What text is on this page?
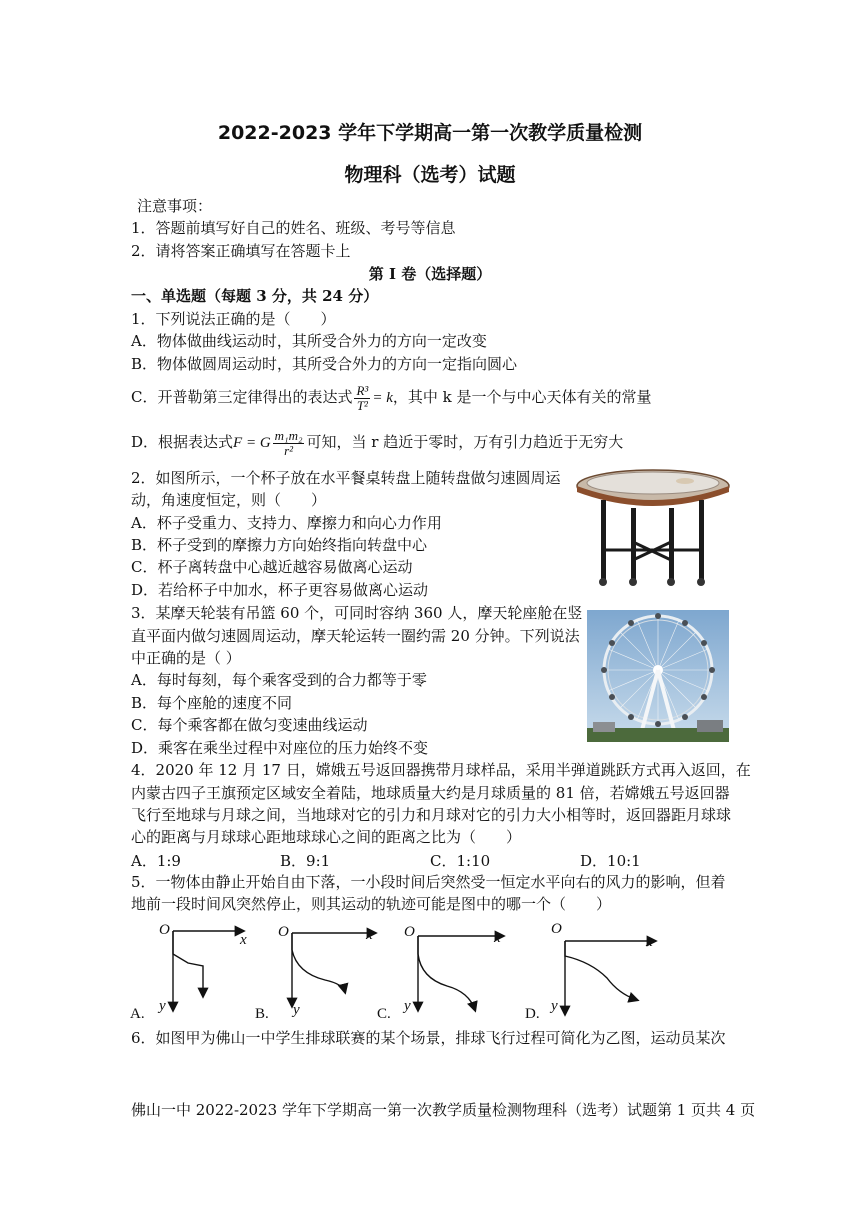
2022-2023 学年下学期高一第一次教学质量检测
物理科（选考）试题
注意事项：
1．答题前填写好自己的姓名、班级、考号等信息
2．请将答案正确填写在答题卡上
第 I 卷（选择题）
一、单选题（每题 3 分，共 24 分）
1．下列说法正确的是（　　）
A．物体做曲线运动时，其所受合外力的方向一定改变
B．物体做圆周运动时，其所受合外力的方向一定指向圆心
C．开普勒第三定律得出的表达式 $\frac{\text{R³}}{\text{T²}} = k$，其中 k 是一个与中心天体有关的常量
D．根据表达式F = G $\frac{\text{m₁m₂}}{\text{r²}}$ 可知，当 r 趋近于零时，万有引力趋近于无穷大
2．如图所示，一个杯子放在水平餐桌转盘上随转盘做匀速圆周运
动，角速度恒定，则（　　）
A．杯子受重力、支持力、摩擦力和向心力作用
B．杯子受到的摩擦力方向始终指向转盘中心
C．杯子离转盘中心越近越容易做离心运动
D．若给杯子中加水，杯子更容易做离心运动
3．某摩天轮装有吊篮 60 个，可同时容纳 360 人，摩天轮座舱在竖
直平面内做匀速圆周运动，摩天轮运转一圈约需 20 分钟。下列说法
中正确的是（ ）
A．每时每刻，每个乘客受到的合力都等于零
B．每个座舱的速度不同
C．每个乘客都在做匀变速曲线运动
D．乘客在乘坐过程中对座位的压力始终不变
4．2020 年 12 月 17 日，嫦娥五号返回器携带月球样品，采用半弹道跳跃方式再入返回，在
内蒙古四子王旗预定区域安全着陆，地球质量大约是月球质量的 81 倍，若嫦娥五号返回器
飞行至地球与月球之间，当地球对它的引力和月球对它的引力大小相等时，返回器距月球球
心的距离与月球球心距地球球心之间的距离之比为（　　）
A．1:9	B．9:1	C．1:10	D．10:1
5．一物体由静止开始自由下落，一小段时间后突然受一恒定水平向右的风力的影响，但着
地前一段时间风突然停止，则其运动的轨迹可能是图中的哪一个（　　）
O
x
y
A.
O	x
y
B.
O	x
y
C.
O
x
y
D.
6．如图甲为佛山一中学生排球联赛的某个场景，排球飞行过程可简化为乙图，运动员某次
佛山一中 2022-2023 学年下学期高一第一次教学质量检测物理科（选考）试题第 1 页共 4 页
